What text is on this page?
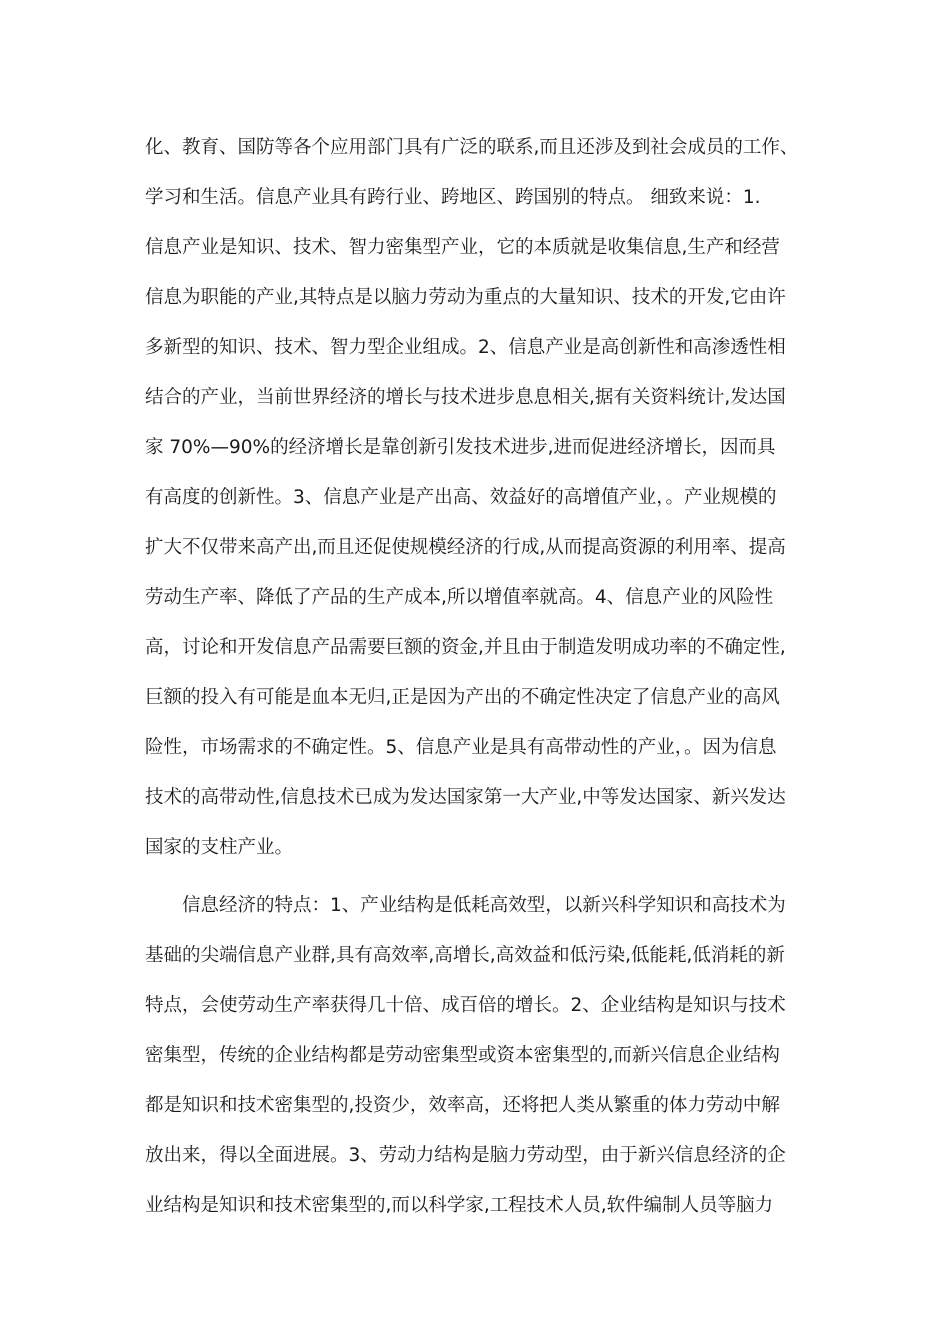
化、教育、国防等各个应用部门具有广泛的联系,而且还涉及到社会成员的工作、
学习和生活。信息产业具有跨行业、跨地区、跨国别的特点。 细致来说：1.
信息产业是知识、技术、智力密集型产业，它的本质就是收集信息,生产和经营
信息为职能的产业,其特点是以脑力劳动为重点的大量知识、技术的开发,它由许
多新型的知识、技术、智力型企业组成。2、信息产业是高创新性和高渗透性相
结合的产业，当前世界经济的增长与技术进步息息相关,据有关资料统计,发达国
家 70%—90%的经济增长是靠创新引发技术进步,进而促进经济增长，因而具
有高度的创新性。3、信息产业是产出高、效益好的高增值产业，。产业规模的
扩大不仅带来高产出,而且还促使规模经济的行成,从而提高资源的利用率、提高
劳动生产率、降低了产品的生产成本,所以增值率就高。4、信息产业的风险性
高，讨论和开发信息产品需要巨额的资金,并且由于制造发明成功率的不确定性,
巨额的投入有可能是血本无归,正是因为产出的不确定性决定了信息产业的高风
险性，市场需求的不确定性。5、信息产业是具有高带动性的产业，。因为信息
技术的高带动性,信息技术已成为发达国家第一大产业,中等发达国家、新兴发达
国家的支柱产业。
信息经济的特点：1、产业结构是低耗高效型，以新兴科学知识和高技术为
基础的尖端信息产业群,具有高效率,高增长,高效益和低污染,低能耗,低消耗的新
特点，会使劳动生产率获得几十倍、成百倍的增长。2、企业结构是知识与技术
密集型，传统的企业结构都是劳动密集型或资本密集型的,而新兴信息企业结构
都是知识和技术密集型的,投资少，效率高，还将把人类从繁重的体力劳动中解
放出来，得以全面进展。3、劳动力结构是脑力劳动型，由于新兴信息经济的企
业结构是知识和技术密集型的,而以科学家,工程技术人员,软件编制人员等脑力
